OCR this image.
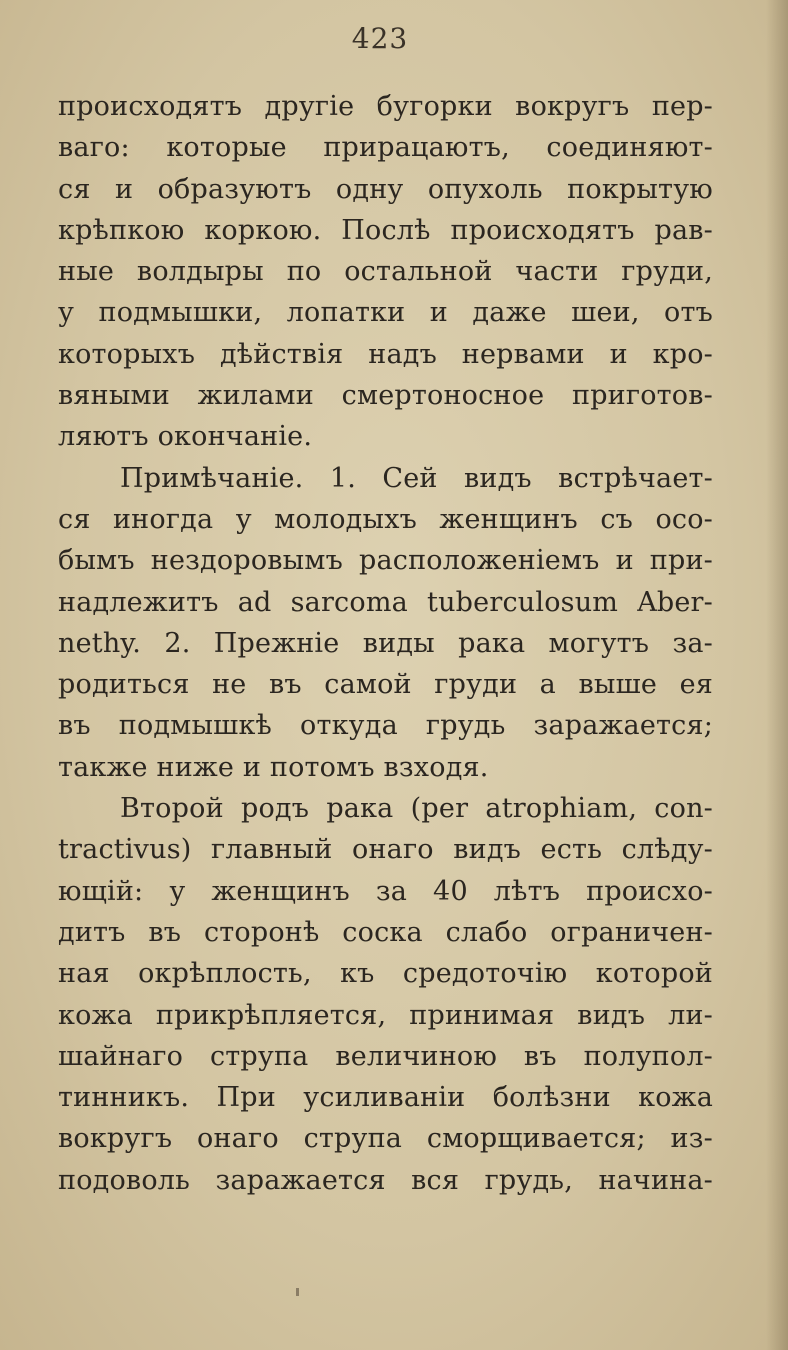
423
происходятъ другіе бугорки вокругъ пер-
ваго: которые прирацаютъ, соединяют-
ся и образуютъ одну опухоль покрытую
крѣпкою коркою. Послѣ происходятъ рав-
ные волдыры по остальной части груди,
у подмышки, лопатки и даже шеи, отъ
которыхъ дѣйствія надъ нервами и кро-
вяными жилами смертоносное приготов-
ляютъ окончаніе.
Примѣчаніе. 1. Сей видъ встрѣчает-
ся иногда у молодыхъ женщинъ съ осо-
бымъ нездоровымъ расположеніемъ и при-
надлежитъ ad sarcoma tuberculosum Aber-
nethy. 2. Прежніе виды рака могутъ за-
родиться не въ самой груди а выше ея
въ подмышкѣ откуда грудь заражается;
также ниже и потомъ взходя.
Второй родъ рака (per atrophiam, con-
tractivus) главный онаго видъ есть слѣду-
ющій: у женщинъ за 40 лѣтъ происхо-
дитъ въ сторонѣ соска слабо ограничен-
ная окрѣплость, къ средоточію которой
кожа прикрѣпляется, принимая видъ ли-
шайнаго струпа величиною въ полупол-
тинникъ. При усиливаніи болѣзни кожа
вокругъ онаго струпа сморщивается; из-
подоволь заражается вся грудь, начина-
